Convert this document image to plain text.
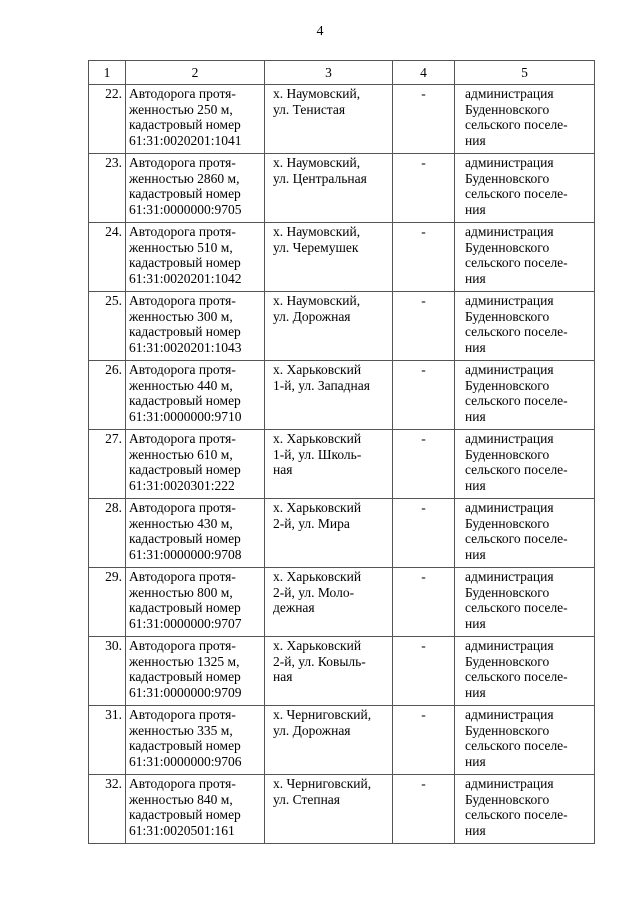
4
1	2	3	4	5
22.	Автодорога протя-
женностью 250 м,
кадастровый номер
61:31:0020201:1041	х. Наумовский,
ул. Тенистая	-	администрация
Буденновского
сельского поселе-
ния

23.	Автодорога протя-
женностью 2860 м,
кадастровый номер
61:31:0000000:9705	х. Наумовский,
ул. Центральная	-	администрация
Буденновского
сельского поселе-
ния

24.	Автодорога протя-
женностью 510 м,
кадастровый номер
61:31:0020201:1042	х. Наумовский,
ул. Черемушек	-	администрация
Буденновского
сельского поселе-
ния

25.	Автодорога протя-
женностью 300 м,
кадастровый номер
61:31:0020201:1043	х. Наумовский,
ул. Дорожная	-	администрация
Буденновского
сельского поселе-
ния

26.	Автодорога протя-
женностью 440 м,
кадастровый номер
61:31:0000000:9710	х. Харьковский
1-й, ул. Западная	-	администрация
Буденновского
сельского поселе-
ния

27.	Автодорога протя-
женностью 610 м,
кадастровый номер
61:31:0020301:222	х. Харьковский
1-й, ул. Школь-
ная	-	администрация
Буденновского
сельского поселе-
ния

28.	Автодорога протя-
женностью 430 м,
кадастровый номер
61:31:0000000:9708	х. Харьковский
2-й, ул. Мира	-	администрация
Буденновского
сельского поселе-
ния

29.	Автодорога протя-
женностью 800 м,
кадастровый номер
61:31:0000000:9707	х. Харьковский
2-й, ул. Моло-
дежная	-	администрация
Буденновского
сельского поселе-
ния

30.	Автодорога протя-
женностью 1325 м,
кадастровый номер
61:31:0000000:9709	х. Харьковский
2-й, ул. Ковыль-
ная	-	администрация
Буденновского
сельского поселе-
ния

31.	Автодорога протя-
женностью 335 м,
кадастровый номер
61:31:0000000:9706	х. Черниговский,
ул. Дорожная	-	администрация
Буденновского
сельского поселе-
ния

32.	Автодорога протя-
женностью 840 м,
кадастровый номер
61:31:0020501:161	х. Черниговский,
ул. Степная	-	администрация
Буденновского
сельского поселе-
ния
